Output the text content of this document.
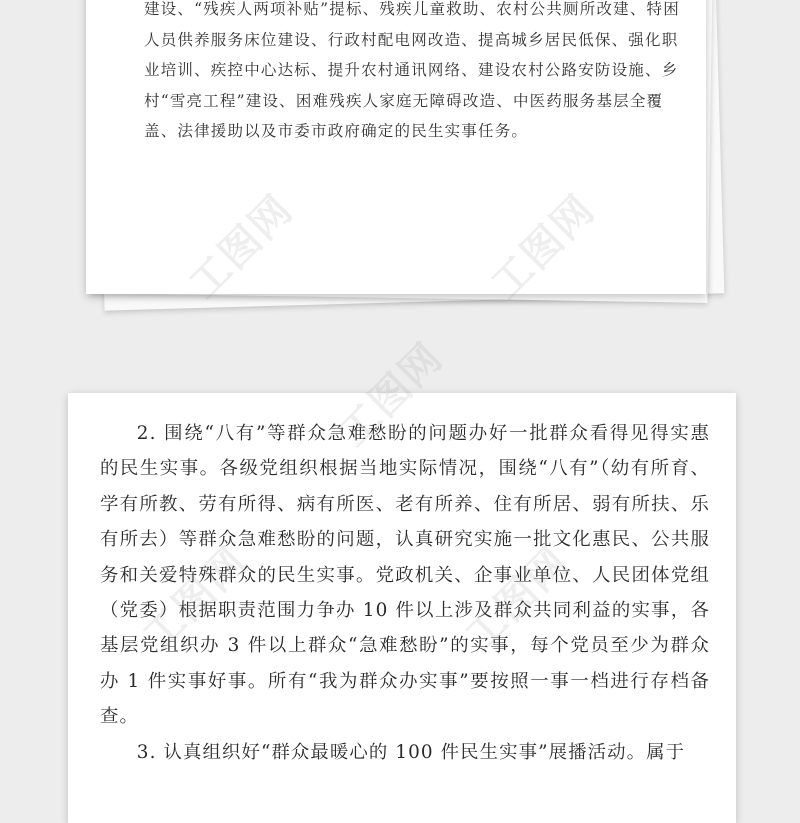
建设、“残疾人两项补贴”提标、残疾儿童救助、农村公共厕所改建、特困人员供养服务床位建设、行政村配电网改造、提高城乡居民低保、强化职业培训、疾控中心达标、提升农村通讯网络、建设农村公路安防设施、乡村“雪亮工程”建设、困难残疾人家庭无障碍改造、中医药服务基层全覆盖、法律援助以及市委市政府确定的民生实事任务。

2. 围绕“八有”等群众急难愁盼的问题办好一批群众看得见得实惠的民生实事。各级党组织根据当地实际情况，围绕“八有”（幼有所育、学有所教、劳有所得、病有所医、老有所养、住有所居、弱有所扶、乐有所去）等群众急难愁盼的问题，认真研究实施一批文化惠民、公共服务和关爱特殊群众的民生实事。党政机关、企事业单位、人民团体党组（党委）根据职责范围力争办 10 件以上涉及群众共同利益的实事，各基层党组织办 3 件以上群众“急难愁盼”的实事，每个党员至少为群众办 1 件实事好事。所有“我为群众办实事”要按照一事一档进行存档备查。

3. 认真组织好“群众最暖心的 100 件民生实事”展播活动。属于
